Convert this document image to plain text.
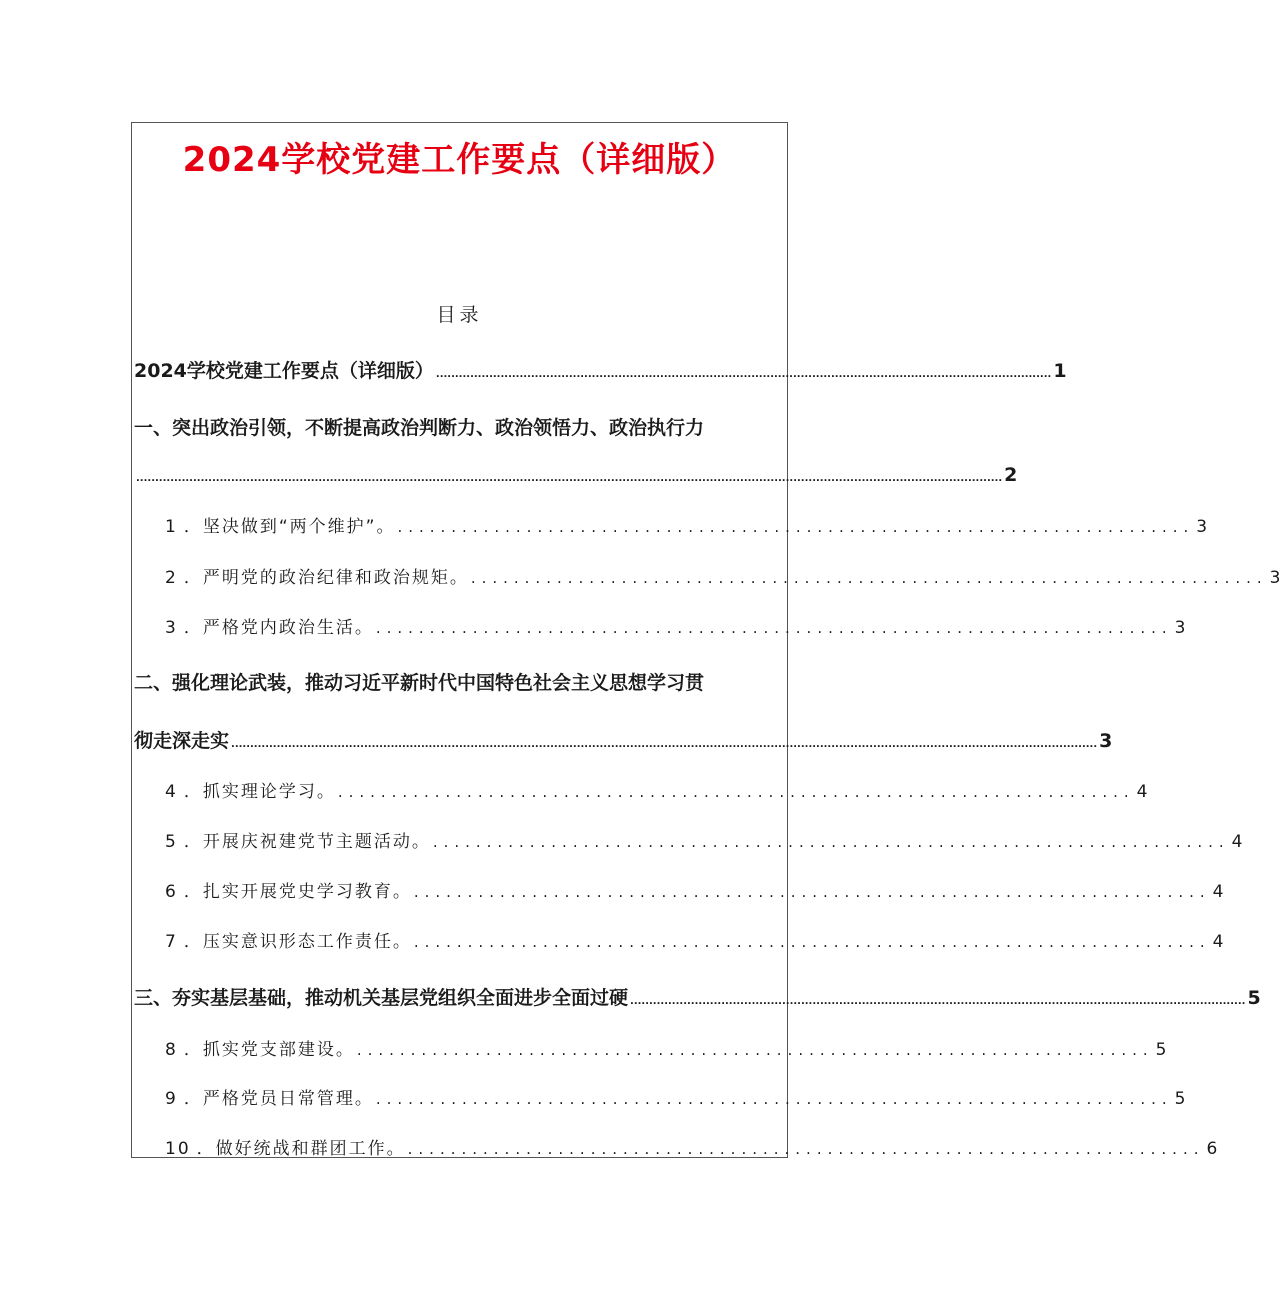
2024学校党建工作要点（详细版）
目录
2024学校党建工作要点（详细版） .................................................................................................................................................................. 1
一、突出政治引领，不断提高政治判断力、政治领悟力、政治执行力
.................................................................................................................................................................................................................................... 2
1 ．坚决做到“两个维护”。 .......................................................................... 3
2 ．严明党的政治纪律和政治规矩。 .......................................................................... 3
3 ．严格党内政治生活。 .......................................................................... 3
二、强化理论武装，推动习近平新时代中国特色社会主义思想学习贯
彻走深走实 .................................................................................................................................................................................................................................... 3
4 ．抓实理论学习。 .......................................................................... 4
5 ．开展庆祝建党节主题活动。 .......................................................................... 4
6 ．扎实开展党史学习教育。 .......................................................................... 4
7 ．压实意识形态工作责任。 .......................................................................... 4
三、夯实基层基础，推动机关基层党组织全面进步全面过硬 .................................................................................................................................................................. 5
8 ．抓实党支部建设。 .......................................................................... 5
9 ．严格党员日常管理。 .......................................................................... 5
10 ．做好统战和群团工作。 .......................................................................... 6
